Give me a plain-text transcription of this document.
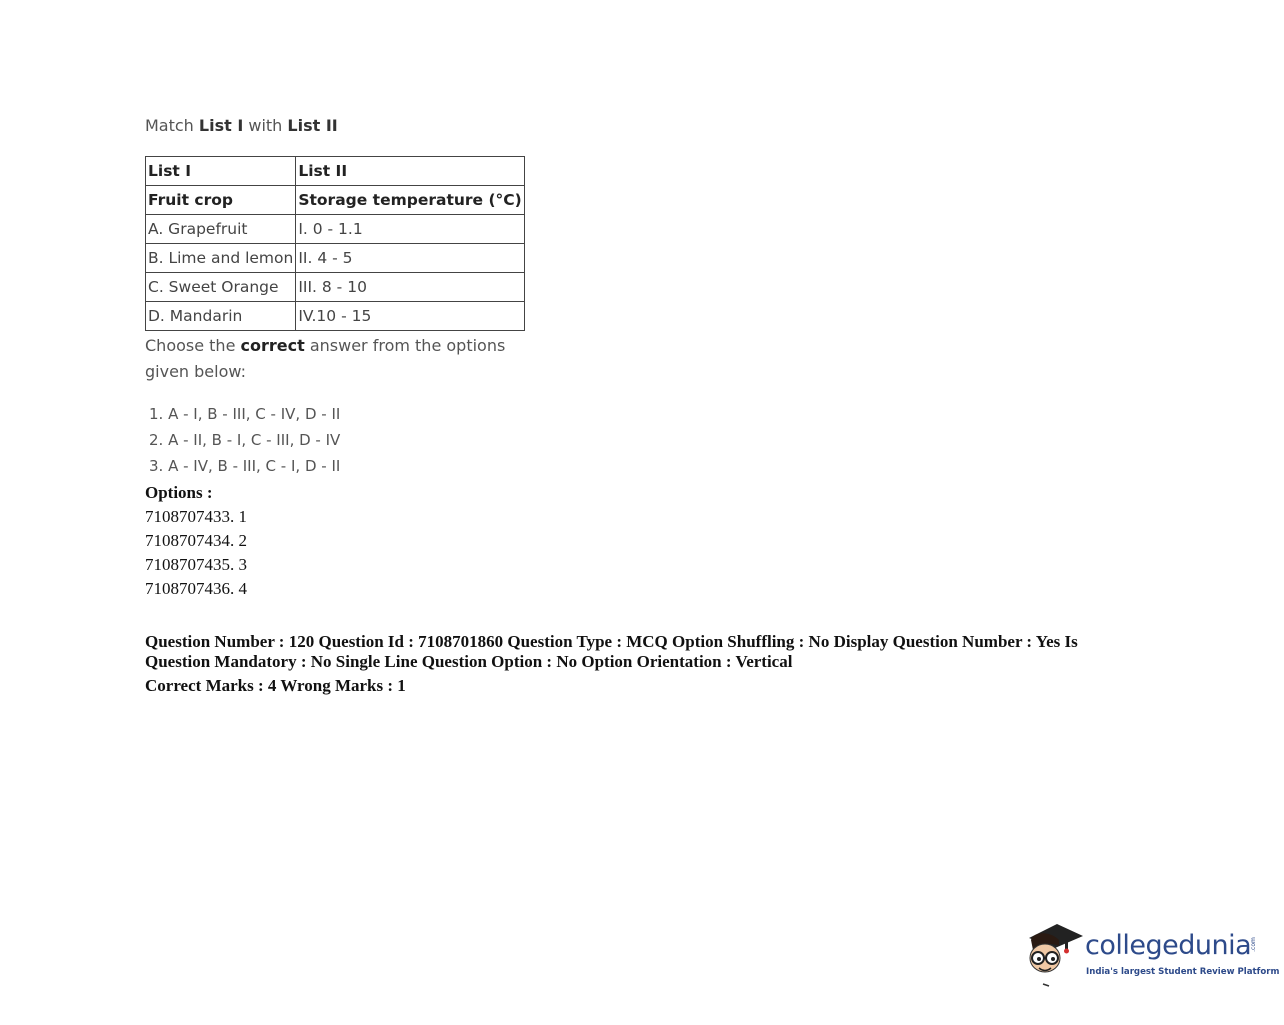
Match List I with List II

List I	List II
Fruit crop	Storage temperature (°C)
A. Grapefruit	I. 0 - 1.1
B. Lime and lemon	II. 4 - 5
C. Sweet Orange	III. 8 - 10
D. Mandarin	IV.10 - 15
Choose the correct answer from the options given below:
1. A - I, B - III, C - IV, D - II
2. A - II, B - I, C - III, D - IV
3. A - IV, B - III, C - I, D - II
Options :
7108707433. 1
7108707434. 2
7108707435. 3
7108707436. 4
Question Number : 120 Question Id : 7108701860 Question Type : MCQ Option Shuffling : No Display Question Number : Yes Is Question Mandatory : No Single Line Question Option : No Option Orientation : Vertical
Correct Marks : 4 Wrong Marks : 1
collegedunia
.com
India's largest Student Review Platform
